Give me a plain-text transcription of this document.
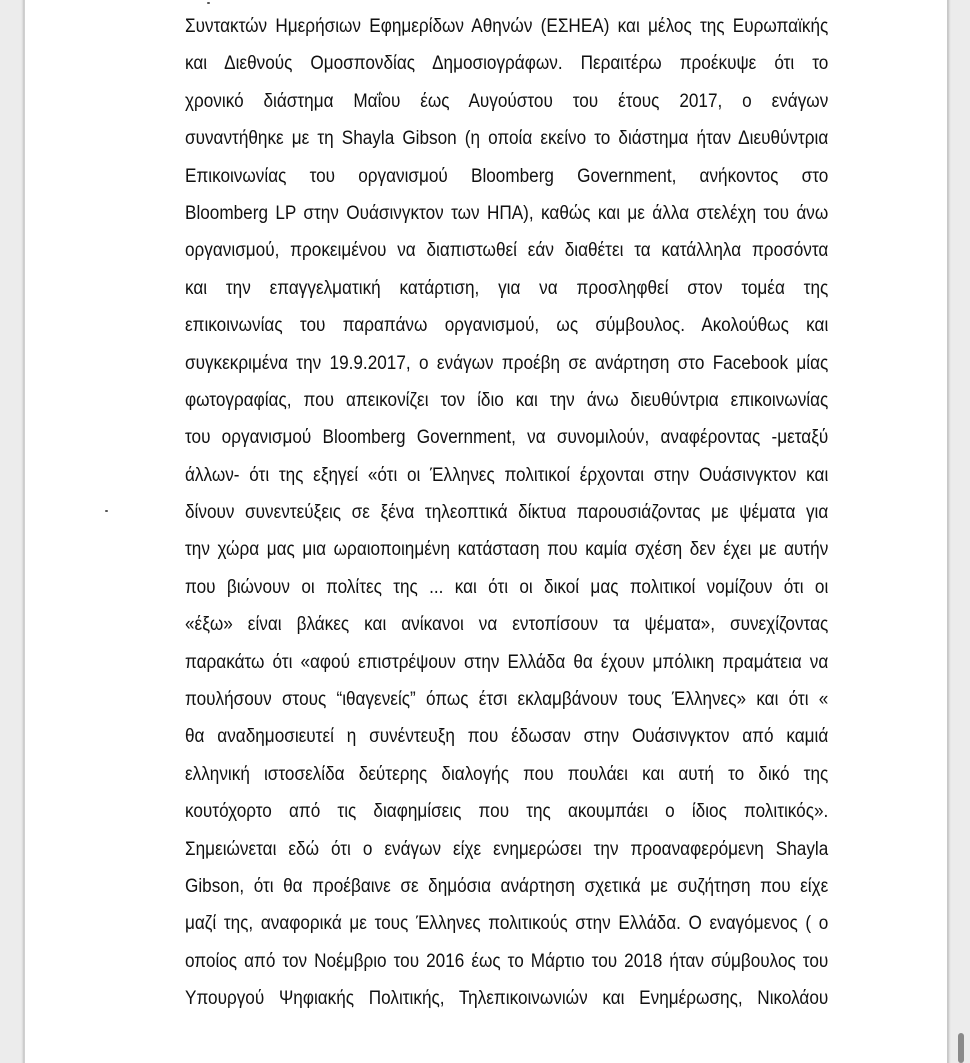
Συντακτών Ημερήσιων Εφημερίδων Αθηνών (ΕΣΗΕΑ) και μέλος της Ευρωπαϊκής
και Διεθνούς Ομοσπονδίας Δημοσιογράφων. Περαιτέρω προέκυψε ότι το
χρονικό διάστημα Μαΐου έως Αυγούστου του έτους 2017, ο ενάγων
συναντήθηκε με τη Shayla Gibson (η οποία εκείνο το διάστημα ήταν Διευθύντρια
Επικοινωνίας του οργανισμού Bloomberg Government, ανήκοντος στο
Bloomberg LP στην Ουάσινγκτον των ΗΠΑ), καθώς και με άλλα στελέχη του άνω
οργανισμού, προκειμένου να διαπιστωθεί εάν διαθέτει τα κατάλληλα προσόντα
και την επαγγελματική κατάρτιση, για να προσληφθεί στον τομέα της
επικοινωνίας του παραπάνω οργανισμού, ως σύμβουλος. Ακολούθως και
συγκεκριμένα την 19.9.2017, ο ενάγων προέβη σε ανάρτηση στο Facebook μίας
φωτογραφίας, που απεικονίζει τον ίδιο και την άνω διευθύντρια επικοινωνίας
του οργανισμού Bloomberg Government, να συνομιλούν, αναφέροντας -μεταξύ
άλλων- ότι της εξηγεί «ότι οι Έλληνες πολιτικοί έρχονται στην Ουάσινγκτον και
δίνουν συνεντεύξεις σε ξένα τηλεοπτικά δίκτυα παρουσιάζοντας με ψέματα για
την χώρα μας μια ωραιοποιημένη κατάσταση που καμία σχέση δεν έχει με αυτήν
που βιώνουν οι πολίτες της ... και ότι οι δικοί μας πολιτικοί νομίζουν ότι οι
«έξω» είναι βλάκες και ανίκανοι να εντοπίσουν τα ψέματα», συνεχίζοντας
παρακάτω ότι «αφού επιστρέψουν στην Ελλάδα θα έχουν μπόλικη πραμάτεια να
πουλήσουν στους “ιθαγενείς” όπως έτσι εκλαμβάνουν τους Έλληνες» και ότι «
θα αναδημοσιευτεί η συνέντευξη που έδωσαν στην Ουάσινγκτον από καμιά
ελληνική ιστοσελίδα δεύτερης διαλογής που πουλάει και αυτή το δικό της
κουτόχορτο από τις διαφημίσεις που της ακουμπάει ο ίδιος πολιτικός».
Σημειώνεται εδώ ότι ο ενάγων είχε ενημερώσει την προαναφερόμενη Shayla
Gibson, ότι θα προέβαινε σε δημόσια ανάρτηση σχετικά με συζήτηση που είχε
μαζί της, αναφορικά με τους Έλληνες πολιτικούς στην Ελλάδα. Ο εναγόμενος ( ο
οποίος από τον Νοέμβριο του 2016 έως το Μάρτιο του 2018 ήταν σύμβουλος του
Υπουργού Ψηφιακής Πολιτικής, Τηλεπικοινωνιών και Ενημέρωσης, Νικολάου
